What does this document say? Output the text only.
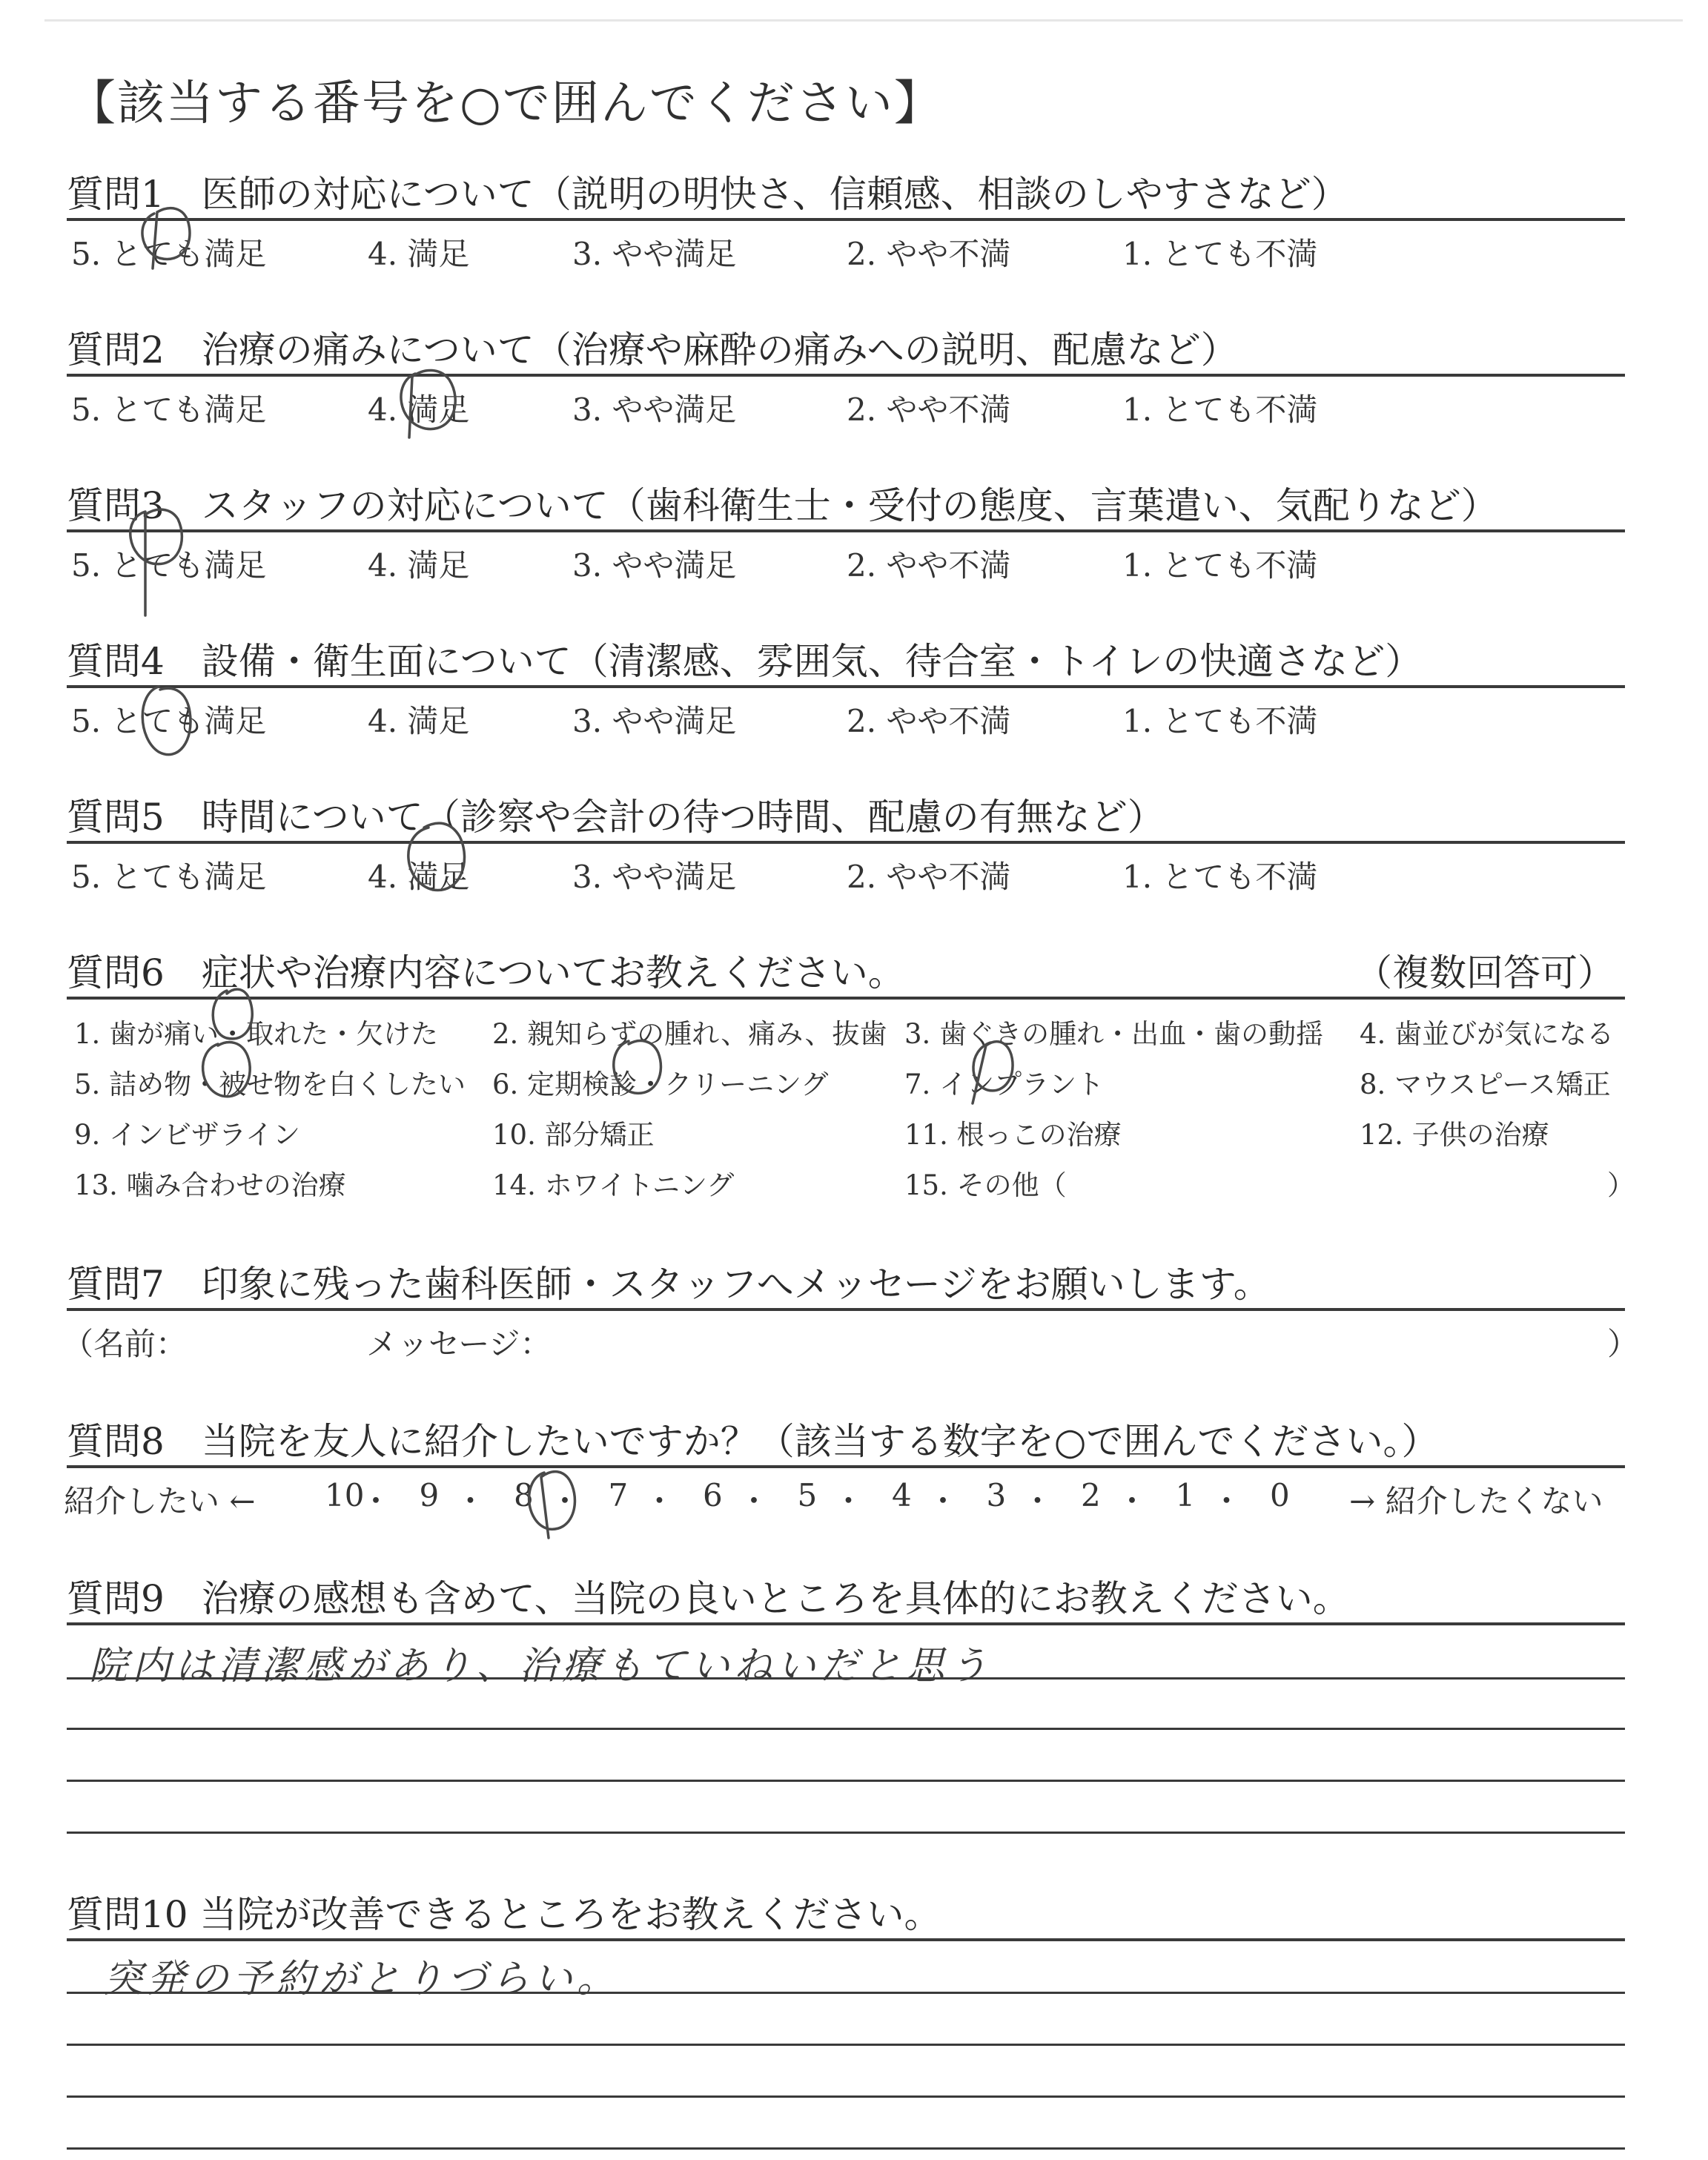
【該当する番号を○で囲んでください】
質問1　医師の対応について（説明の明快さ、信頼感、相談のしやすさなど）
5. とても満足	4. 満足	3. やや満足	2. やや不満	1. とても不満
質問2　治療の痛みについて（治療や麻酔の痛みへの説明、配慮など）
5. とても満足	4. 満足	3. やや満足	2. やや不満	1. とても不満
質問3　スタッフの対応について（歯科衛生士・受付の態度、言葉遣い、気配りなど）
5. とても満足	4. 満足	3. やや満足	2. やや不満	1. とても不満
質問4　設備・衛生面について（清潔感、雰囲気、待合室・トイレの快適さなど）
5. とても満足	4. 満足	3. やや満足	2. やや不満	1. とても不満
質問5　時間について（診察や会計の待つ時間、配慮の有無など）
5. とても満足	4. 満足	3. やや満足	2. やや不満	1. とても不満
質問6　症状や治療内容についてお教えください。	（複数回答可）
1. 歯が痛い・取れた・欠けた 2. 親知らずの腫れ、痛み、抜歯 3. 歯ぐきの腫れ・出血・歯の動揺 4. 歯並びが気になる
5. 詰め物・被せ物を白くしたい 6. 定期検診・クリーニング	7. インプラント	8. マウスピース矯正
9. インビザライン	10. 部分矯正	11. 根っこの治療	12. 子供の治療
13. 噛み合わせの治療	14. ホワイトニング	15. その他（	）
質問7　印象に残った歯科医師・スタッフへメッセージをお願いします。
（名前：	メッセージ：	）
質問8　当院を友人に紹介したいですか？（該当する数字を○で囲んでください。）
紹介したい ← 10
・ 9 ・ 8 ・ 7 ・ 6 ・ 5 ・ 4 ・ 3 ・ 2 ・ 1 ・ 0 → 紹介したくない
質問9　治療の感想も含めて、当院の良いところを具体的にお教えください。
院内は清潔感があり、治療もていねいだと思う
質問10 当院が改善できるところをお教えください。
突発の予約がとりづらい。
